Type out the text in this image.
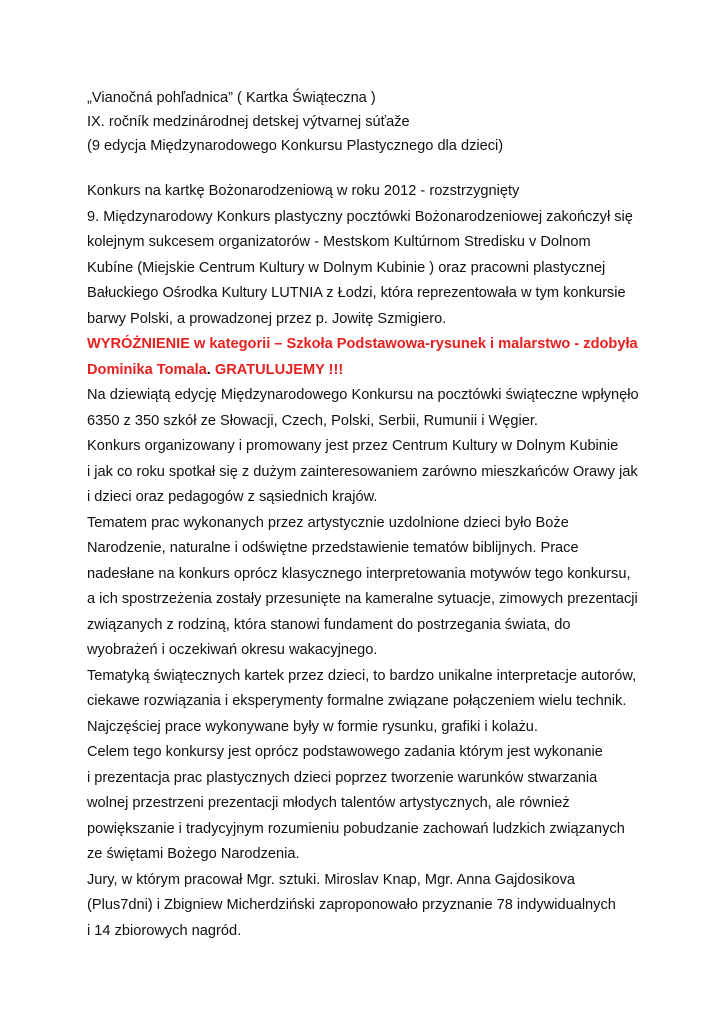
„Vianočná pohľadnica” ( Kartka Świąteczna )
IX. ročník medzinárodnej detskej výtvarnej súťaže
(9 edycja Międzynarodowego Konkursu Plastycznego dla dzieci)
Konkurs na kartkę Bożonarodzeniową w roku 2012 - rozstrzygnięty
9. Międzynarodowy Konkurs plastyczny pocztówki Bożonarodzeniowej zakończył się
kolejnym sukcesem organizatorów - Mestskom Kultúrnom Stredisku v Dolnom
Kubíne (Miejskie Centrum Kultury w Dolnym Kubinie ) oraz pracowni plastycznej
Bałuckiego Ośrodka Kultury LUTNIA z Łodzi, która reprezentowała w tym konkursie
barwy Polski, a prowadzonej przez p. Jowitę Szmigiero.
WYRÓŻNIENIE w kategorii – Szkoła Podstawowa-rysunek i malarstwo - zdobyła
Dominika Tomala. GRATULUJEMY !!!
Na dziewiątą edycję Międzynarodowego Konkursu na pocztówki świąteczne wpłynęło
6350 z 350 szkół ze Słowacji, Czech, Polski, Serbii, Rumunii i Węgier.
Konkurs organizowany i promowany jest przez Centrum Kultury w Dolnym Kubinie
i jak co roku spotkał się z dużym zainteresowaniem zarówno mieszkańców Orawy jak
i dzieci oraz pedagogów z sąsiednich krajów.
Tematem prac wykonanych przez artystycznie uzdolnione dzieci było Boże
Narodzenie, naturalne i odświętne przedstawienie tematów biblijnych. Prace
nadesłane na konkurs oprócz klasycznego interpretowania motywów tego konkursu,
a ich spostrzeżenia zostały przesunięte na kameralne sytuacje, zimowych prezentacji
związanych z rodziną, która stanowi fundament do postrzegania świata, do
wyobrażeń i oczekiwań okresu wakacyjnego.
Tematyką świątecznych kartek przez dzieci, to bardzo unikalne interpretacje autorów,
ciekawe rozwiązania i eksperymenty formalne związane połączeniem wielu technik.
Najczęściej prace wykonywane były w formie rysunku, grafiki i kolażu.
Celem tego konkursy jest oprócz podstawowego zadania którym jest wykonanie
i prezentacja prac plastycznych dzieci poprzez tworzenie warunków stwarzania
wolnej przestrzeni prezentacji młodych talentów artystycznych, ale również
powiększanie i tradycyjnym rozumieniu pobudzanie zachowań ludzkich związanych
ze świętami Bożego Narodzenia.
Jury, w którym pracował Mgr. sztuki. Miroslav Knap, Mgr. Anna Gajdosikova
(Plus7dni) i Zbigniew Micherdziński zaproponowało przyznanie 78 indywidualnych
i 14 zbiorowych nagród.
